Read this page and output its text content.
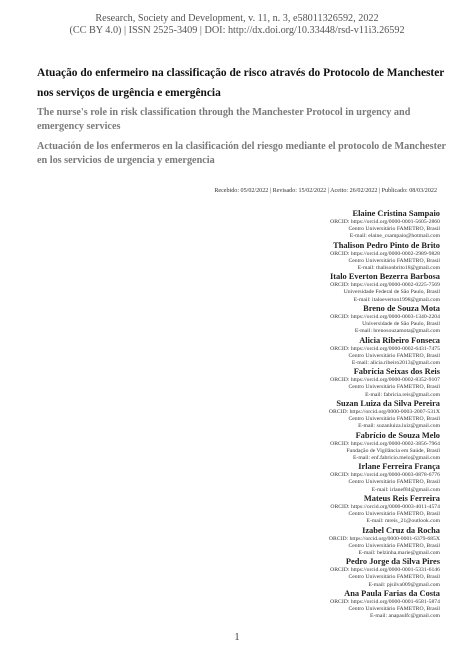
Research, Society and Development, v. 11, n. 3, e58011326592, 2022
(CC BY 4.0) | ISSN 2525-3409 | DOI: http://dx.doi.org/10.33448/rsd-v11i3.26592
Atuação do enfermeiro na classificação de risco através do Protocolo de Manchester nos serviços de urgência e emergência
The nurse's role in risk classification through the Manchester Protocol in urgency and emergency services
Actuación de los enfermeros en la clasificación del riesgo mediante el protocolo de Manchester en los servicios de urgencia y emergencia
Recebido: 05/02/2022 | Revisado: 15/02/2022 | Aceito: 26/02/2022 | Publicado: 08/03/2022
Elaine Cristina Sampaio
ORCID: https://orcid.org/0000-0001-5605-2860
Centro Universitário FAMETRO, Brasil
E-mail: elaine_csampaio@hotmail.com
Thalison Pedro Pinto de Brito
ORCID: https://orcid.org/0000-0002-2989-9828
Centro Universitário FAMETRO, Brasil
E-mail: thalisonbrito18@gmail.com
Italo Everton Bezerra Barbosa
ORCID: https://orcid.org/0000-0002-0225-7569
Universidade Federal de São Paulo, Brasil
E-mail: italoeverton1998@gmail.com
Breno de Souza Mota
ORCID: https://orcid.org/0000-0003-1340-2204
Universidade de São Paulo, Brasil
E-mail: brenosouzamota@gmail.com
Alicia Ribeiro Fonseca
ORCID: https://orcid.org/0000-0002-6431-7475
Centro Universitário FAMETRO, Brasil
E-mail: alicia.ribeiro2013@gmail.com
Fabrícia Seixas dos Reis
ORCID: https://orcid.org/0000-0002-8352-9107
Centro Universitário FAMETRO, Brasil
E-mail: fabricia.reis@gmail.com
Suzan Luiza da Silva Pereira
ORCID: https://orcid.org/0000-0003-2007-531X
Centro Universitário FAMETRO, Brasil
E-mail: suzanluiza.luiz@gmail.com
Fabrício de Souza Melo
ORCID: https://orcid.org/0000-0002-3856-7964
Fundação de Vigilância em Saúde, Brasil
E-mail: enf.fabricio.melo@gmail.com
Irlane Ferreira França
ORCID: https://orcid.org/0000-0003-0878-6776
Centro Universitário FAMETRO, Brasil
E-mail: irlanef84@gmail.com
Mateus Reis Ferreira
ORCID: https://orcid.org/0000-0003-4011-4574
Centro Universitário FAMETRO, Brasil
E-mail: mreis_21@outlook.com
Izabel Cruz da Rocha
ORCID: https://orcid.org/0000-0001-6379-685X
Centro Universitário FAMETRO, Brasil
E-mail: belzinha.marie@gmail.com
Pedro Jorge da Silva Pires
ORCID: https://orcid.org/0000-0001-5331-6146
Centro Universitário FAMETRO, Brasil
E-mail: pjsilva009@gmail.com
Ana Paula Farias da Costa
ORCID: https://orcid.org/0000-0001-6581-5874
Centro Universitário FAMETRO, Brasil
E-mail: anapaulfc@gmail.com
1
